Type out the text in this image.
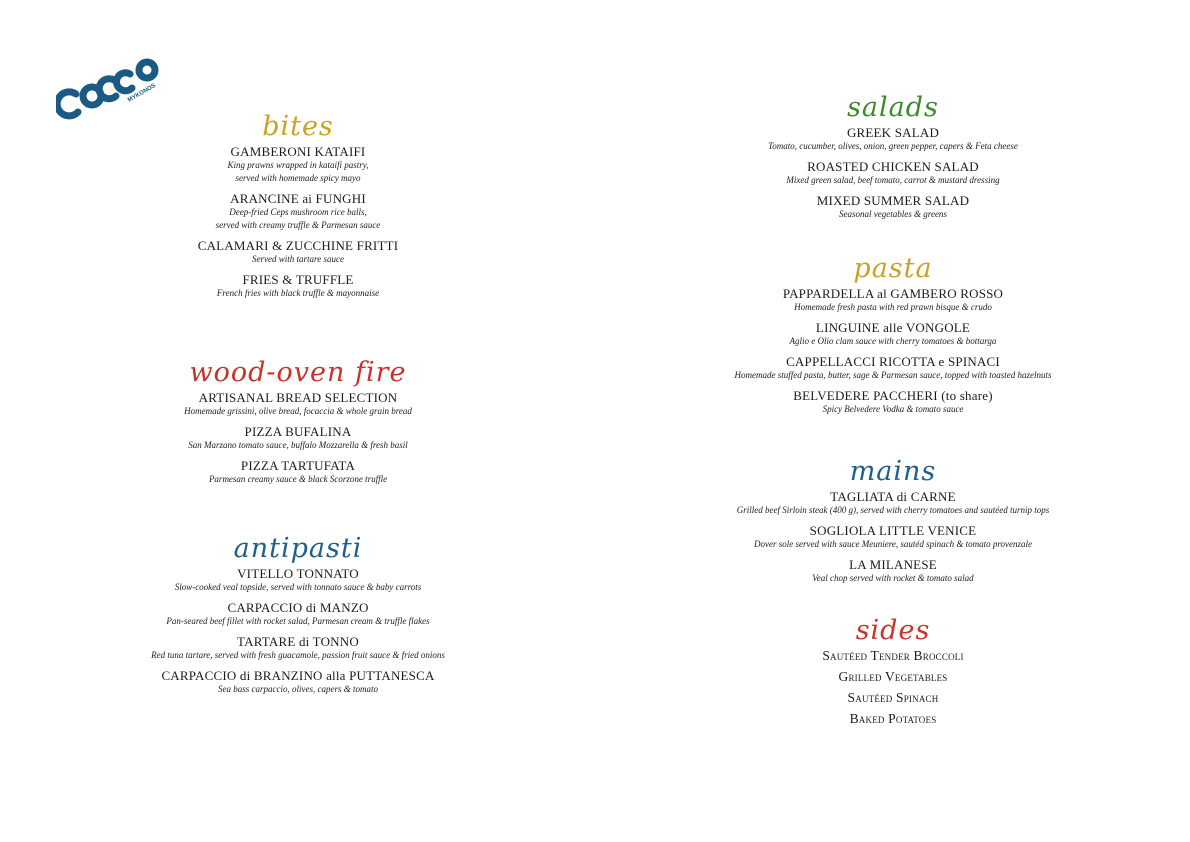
MYKONOS
bites
GAMBERONI KATAIFI
King prawns wrapped in kataifi pastry,
served with homemade spicy mayo
ARANCINE ai FUNGHI
Deep-fried Ceps mushroom rice balls,
served with creamy truffle & Parmesan sauce
CALAMARI & ZUCCHINE FRITTI
Served with tartare sauce
FRIES & TRUFFLE
French fries with black truffle & mayonnaise
wood-oven fire
ARTISANAL BREAD SELECTION
Homemade grissini, olive bread, focaccia & whole grain bread
PIZZA BUFALINA
San Marzano tomato sauce, buffalo Mozzarella & fresh basil
PIZZA TARTUFATA
Parmesan creamy sauce & black Scorzone truffle
antipasti
VITELLO TONNATO
Slow-cooked veal topside, served with tonnato sauce & baby carrots
CARPACCIO di MANZO
Pan-seared beef fillet with rocket salad, Parmesan cream & truffle flakes
TARTARE di TONNO
Red tuna tartare, served with fresh guacamole, passion fruit sauce & fried onions
CARPACCIO di BRANZINO alla PUTTANESCA
Sea bass carpaccio, olives, capers & tomato
salads
GREEK SALAD
Tomato, cucumber, olives, onion, green pepper, capers & Feta cheese
ROASTED CHICKEN SALAD
Mixed green salad, beef tomato, carrot & mustard dressing
MIXED SUMMER SALAD
Seasonal vegetables & greens
pasta
PAPPARDELLA al GAMBERO ROSSO
Homemade fresh pasta with red prawn bisque & crudo
LINGUINE alle VONGOLE
Aglio e Olio clam sauce with cherry tomatoes & bottarga
CAPPELLACCI RICOTTA e SPINACI
Homemade stuffed pasta, butter, sage & Parmesan sauce, topped with toasted hazelnuts
BELVEDERE PACCHERI (to share)
Spicy Belvedere Vodka & tomato sauce
mains
TAGLIATA di CARNE
Grilled beef Sirloin steak (400 g), served with cherry tomatoes and sautéed turnip tops
SOGLIOLA LITTLE VENICE
Dover sole served with sauce Meuniere, sautéd spinach & tomato provenzale
LA MILANESE
Veal chop served with rocket & tomato salad
sides
Sautéed Tender Broccoli
Grilled Vegetables
Sautéed Spinach
Baked Potatoes
